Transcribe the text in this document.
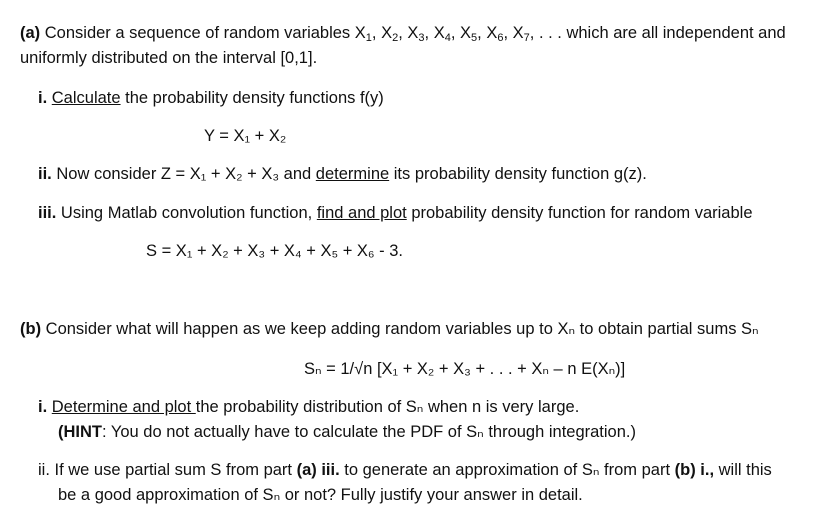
(a) Consider a sequence of random variables $X_1$, $X_2$, $X_3$, $X_4$, $X_5$, $X_6$, $X_7$, . . . which are all independent and
uniformly distributed on the interval [0,1].
i. Calculate the probability density functions f(y)
Y = X₁ + X₂
ii. Now consider Z = X₁ + X₂ + X₃ and determine its probability density function g(z).
iii. Using Matlab convolution function, find and plot probability density function for random variable
S = X₁ + X₂ + X₃ + X₄ + X₅ + X₆ - 3.
(b) Consider what will happen as we keep adding random variables up to Xₙ to obtain partial sums Sₙ
Sₙ = 1/√n [X₁ + X₂ + X₃ + . . . + Xₙ – n E(Xₙ)]
i. Determine and plot the probability distribution of Sₙ when n is very large.
(HINT: You do not actually have to calculate the PDF of Sₙ through integration.)
ii. If we use partial sum S from part (a) iii. to generate an approximation of Sₙ from part (b) i., will this
be a good approximation of Sₙ or not? Fully justify your answer in detail.
